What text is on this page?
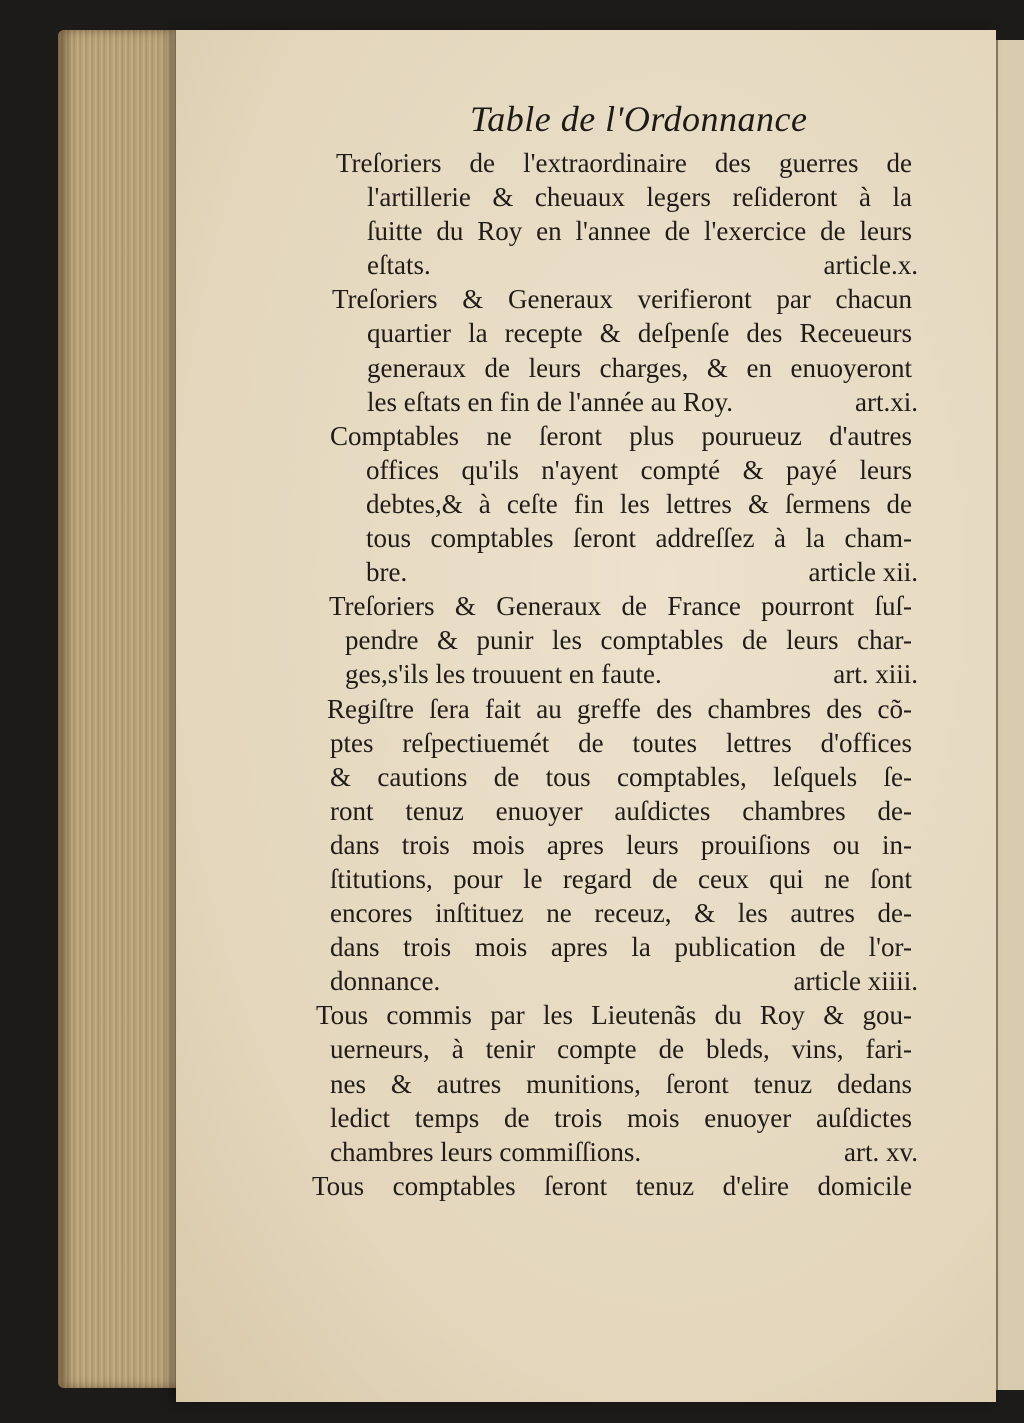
Table de l'Ordonnance
Treſoriers de l'extraordinaire des guerres de
l'artillerie & cheuaux legers reſideront à la
ſuitte du Roy en l'annee de l'exercice de leurs
eſtats.	article.x.
Treſoriers & Generaux verifieront par chacun
quartier la recepte & deſpenſe des Receueurs
generaux de leurs charges, & en enuoyeront
les eſtats en fin de l'année au Roy.	art.xi.
Comptables ne ſeront plus pourueuz d'autres
offices qu'ils n'ayent compté & payé leurs
debtes,& à ceſte fin les lettres & ſermens de
tous comptables ſeront addreſſez à la cham-
bre.	article xii.
Treſoriers & Generaux de France pourront ſuſ-
pendre & punir les comptables de leurs char-
ges,s'ils les trouuent en faute.	art. xiii.
Regiſtre ſera fait au greffe des chambres des cõ-
ptes reſpectiuemét de toutes lettres d'offices
& cautions de tous comptables, leſquels ſe-
ront tenuz enuoyer auſdictes chambres de-
dans trois mois apres leurs prouiſions ou in-
ſtitutions, pour le regard de ceux qui ne ſont
encores inſtituez ne receuz, & les autres de-
dans trois mois apres la publication de l'or-
donnance.	article xiiii.
Tous commis par les Lieutenãs du Roy & gou-
uerneurs, à tenir compte de bleds, vins, fari-
nes & autres munitions, ſeront tenuz dedans
ledict temps de trois mois enuoyer auſdictes
chambres leurs commiſſions.	art. xv.
Tous comptables ſeront tenuz d'elire domicile
